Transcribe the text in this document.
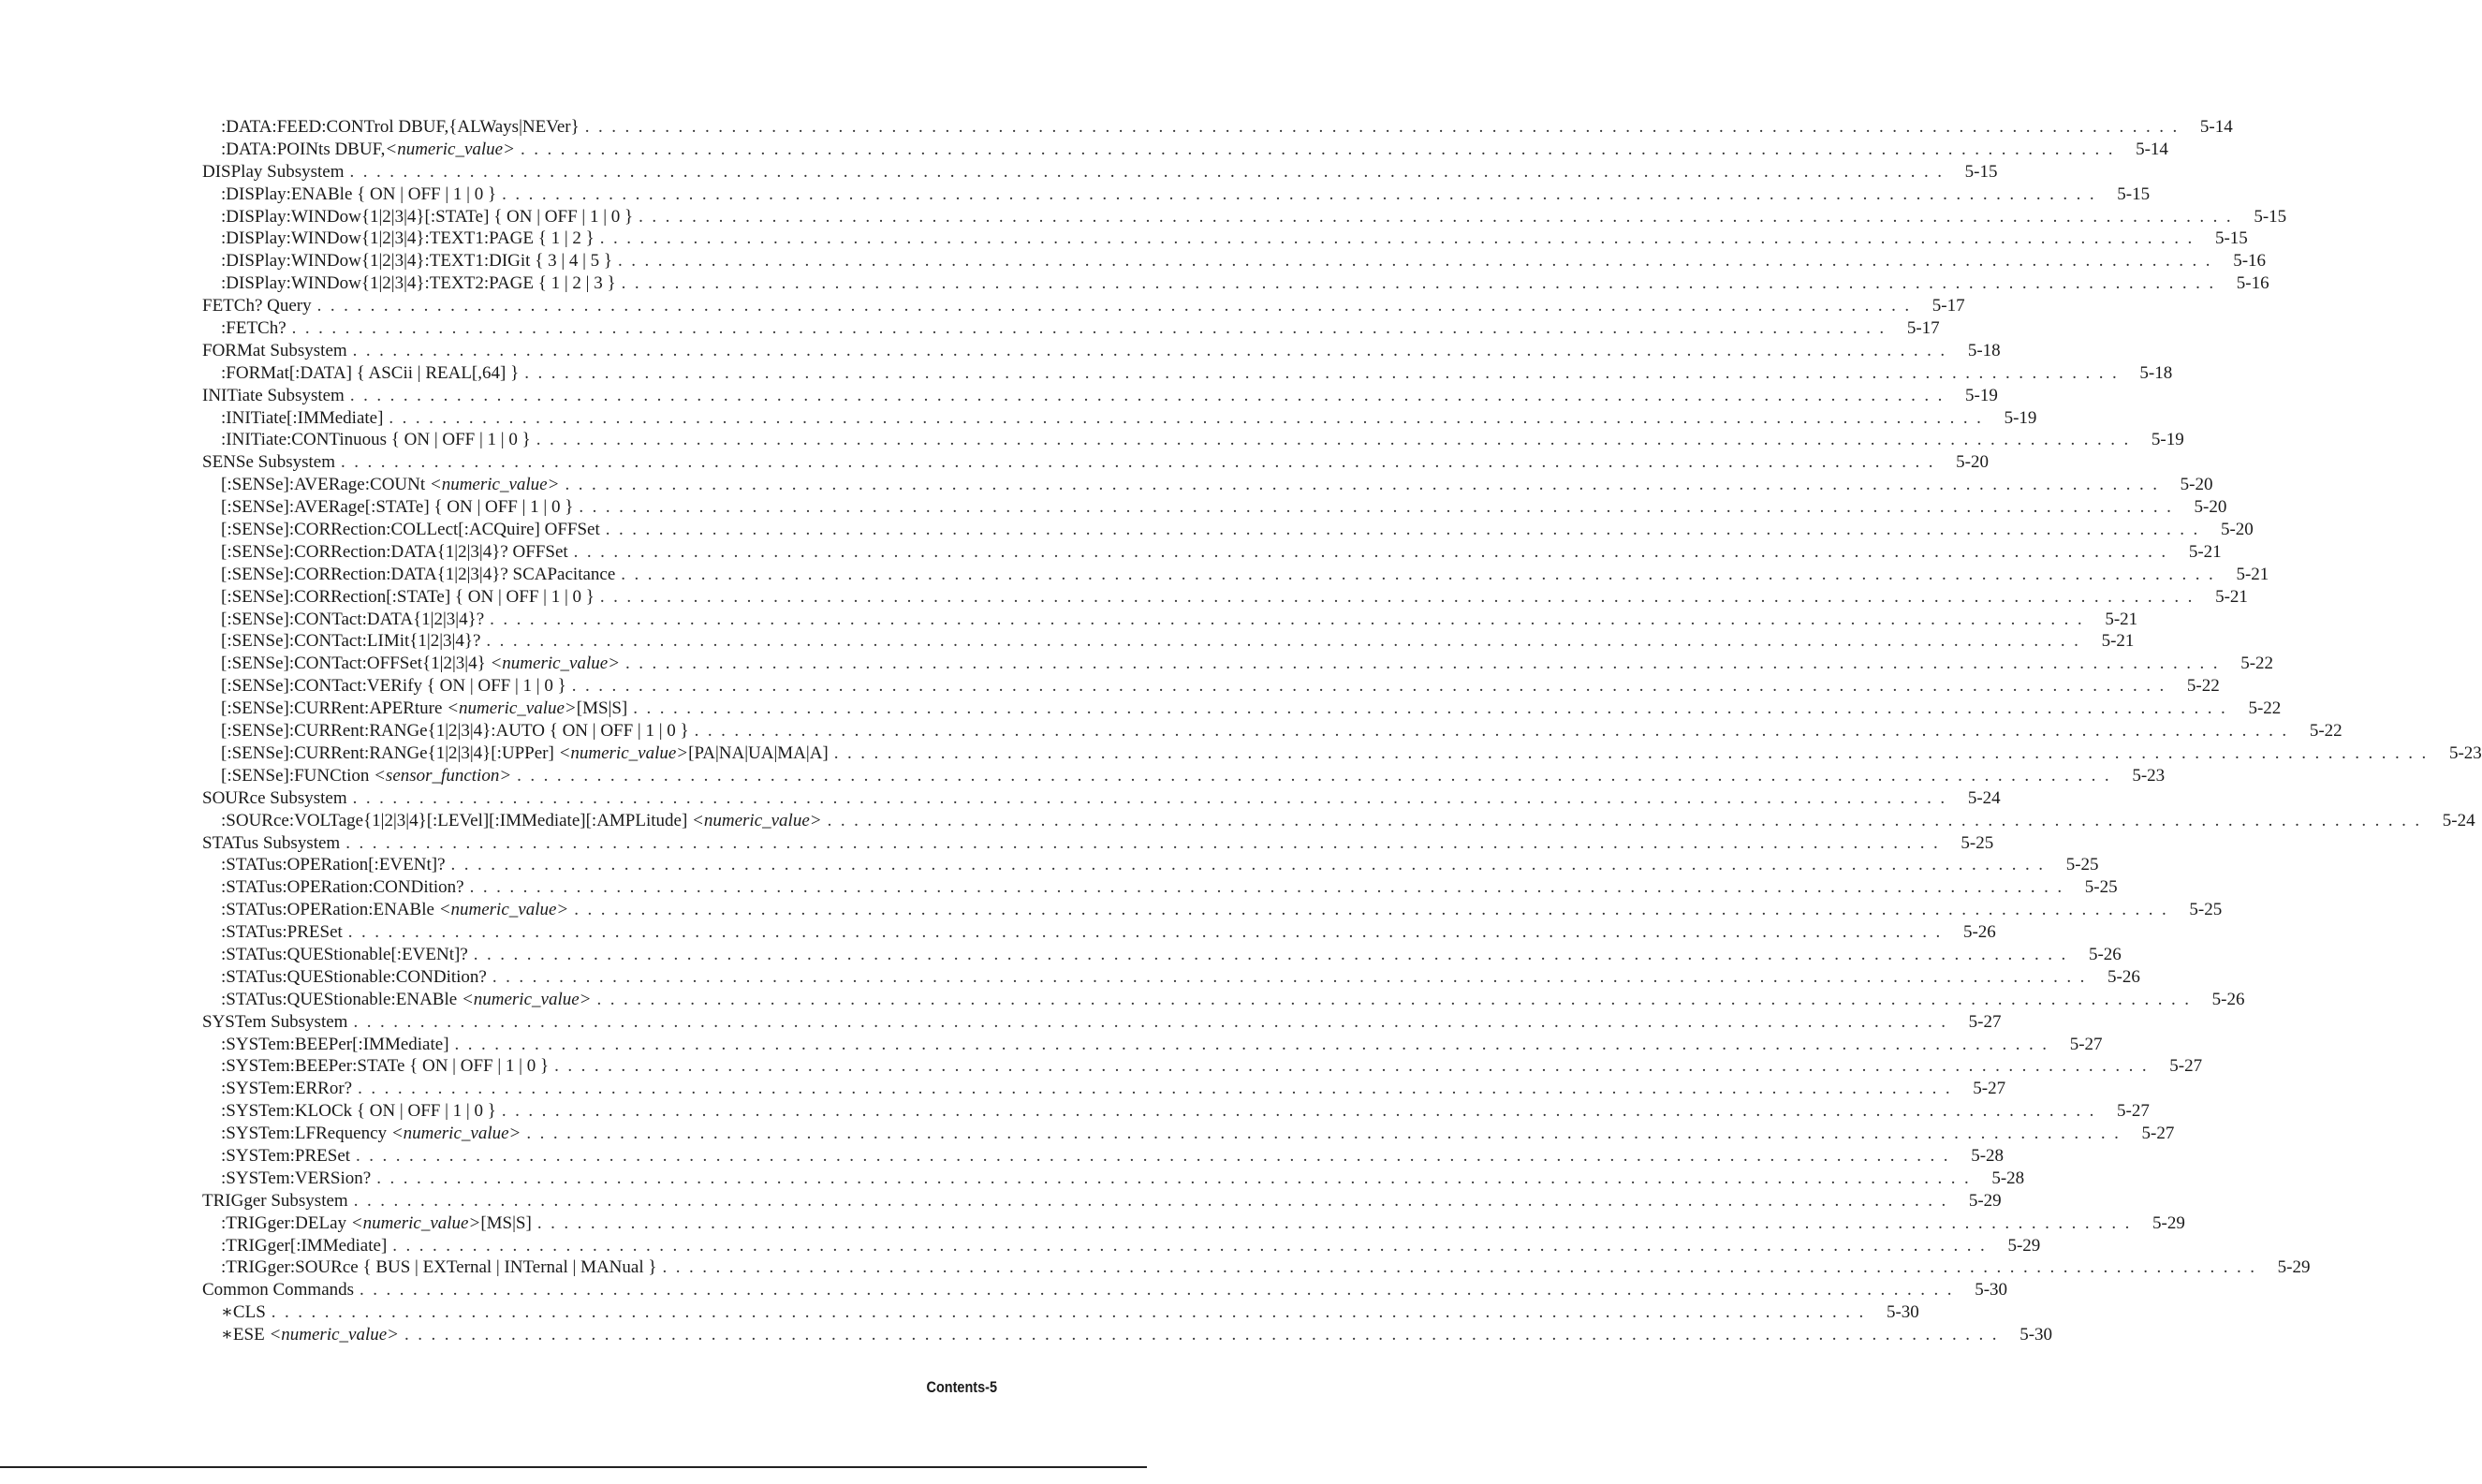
:DATA:FEED:CONTrol DBUF,{ALWays|NEVer} ........................................................................................................................ 5-14
:DATA:POINts DBUF,<numeric_value> ........................................................................................................................ 5-14
DISPlay Subsystem ........................................................................................................................ 5-15
:DISPlay:ENABle { ON | OFF | 1 | 0 } ........................................................................................................................ 5-15
:DISPlay:WINDow{1|2|3|4}[:STATe] { ON | OFF | 1 | 0 } ........................................................................................................................ 5-15
:DISPlay:WINDow{1|2|3|4}:TEXT1:PAGE { 1 | 2 } ........................................................................................................................ 5-15
:DISPlay:WINDow{1|2|3|4}:TEXT1:DIGit { 3 | 4 | 5 } ........................................................................................................................ 5-16
:DISPlay:WINDow{1|2|3|4}:TEXT2:PAGE { 1 | 2 | 3 } ........................................................................................................................ 5-16
FETCh? Query ........................................................................................................................ 5-17
:FETCh? ........................................................................................................................ 5-17
FORMat Subsystem ........................................................................................................................ 5-18
:FORMat[:DATA] { ASCii | REAL[,64] } ........................................................................................................................ 5-18
INITiate Subsystem ........................................................................................................................ 5-19
:INITiate[:IMMediate] ........................................................................................................................ 5-19
:INITiate:CONTinuous { ON | OFF | 1 | 0 } ........................................................................................................................ 5-19
SENSe Subsystem ........................................................................................................................ 5-20
[:SENSe]:AVERage:COUNt <numeric_value> ........................................................................................................................ 5-20
[:SENSe]:AVERage[:STATe] { ON | OFF | 1 | 0 } ........................................................................................................................ 5-20
[:SENSe]:CORRection:COLLect[:ACQuire] OFFSet ........................................................................................................................ 5-20
[:SENSe]:CORRection:DATA{1|2|3|4}? OFFSet ........................................................................................................................ 5-21
[:SENSe]:CORRection:DATA{1|2|3|4}? SCAPacitance ........................................................................................................................ 5-21
[:SENSe]:CORRection[:STATe] { ON | OFF | 1 | 0 } ........................................................................................................................ 5-21
[:SENSe]:CONTact:DATA{1|2|3|4}? ........................................................................................................................ 5-21
[:SENSe]:CONTact:LIMit{1|2|3|4}? ........................................................................................................................ 5-21
[:SENSe]:CONTact:OFFSet{1|2|3|4} <numeric_value> ........................................................................................................................ 5-22
[:SENSe]:CONTact:VERify { ON | OFF | 1 | 0 } ........................................................................................................................ 5-22
[:SENSe]:CURRent:APERture <numeric_value>[MS|S] ........................................................................................................................ 5-22
[:SENSe]:CURRent:RANGe{1|2|3|4}:AUTO { ON | OFF | 1 | 0 } ........................................................................................................................ 5-22
[:SENSe]:CURRent:RANGe{1|2|3|4}[:UPPer] <numeric_value>[PA|NA|UA|MA|A] ........................................................................................................................ 5-23
[:SENSe]:FUNCtion <sensor_function> ........................................................................................................................ 5-23
SOURce Subsystem ........................................................................................................................ 5-24
:SOURce:VOLTage{1|2|3|4}[:LEVel][:IMMediate][:AMPLitude] <numeric_value> ........................................................................................................................ 5-24
STATus Subsystem ........................................................................................................................ 5-25
:STATus:OPERation[:EVENt]? ........................................................................................................................ 5-25
:STATus:OPERation:CONDition? ........................................................................................................................ 5-25
:STATus:OPERation:ENABle <numeric_value> ........................................................................................................................ 5-25
:STATus:PRESet ........................................................................................................................ 5-26
:STATus:QUEStionable[:EVENt]? ........................................................................................................................ 5-26
:STATus:QUEStionable:CONDition? ........................................................................................................................ 5-26
:STATus:QUEStionable:ENABle <numeric_value> ........................................................................................................................ 5-26
SYSTem Subsystem ........................................................................................................................ 5-27
:SYSTem:BEEPer[:IMMediate] ........................................................................................................................ 5-27
:SYSTem:BEEPer:STATe { ON | OFF | 1 | 0 } ........................................................................................................................ 5-27
:SYSTem:ERRor? ........................................................................................................................ 5-27
:SYSTem:KLOCk { ON | OFF | 1 | 0 } ........................................................................................................................ 5-27
:SYSTem:LFRequency <numeric_value> ........................................................................................................................ 5-27
:SYSTem:PRESet ........................................................................................................................ 5-28
:SYSTem:VERSion? ........................................................................................................................ 5-28
TRIGger Subsystem ........................................................................................................................ 5-29
:TRIGger:DELay <numeric_value>[MS|S] ........................................................................................................................ 5-29
:TRIGger[:IMMediate] ........................................................................................................................ 5-29
:TRIGger:SOURce { BUS | EXTernal | INTernal | MANual } ........................................................................................................................ 5-29
Common Commands ........................................................................................................................ 5-30
∗CLS ........................................................................................................................ 5-30
∗ESE <numeric_value> ........................................................................................................................ 5-30
Contents-5
